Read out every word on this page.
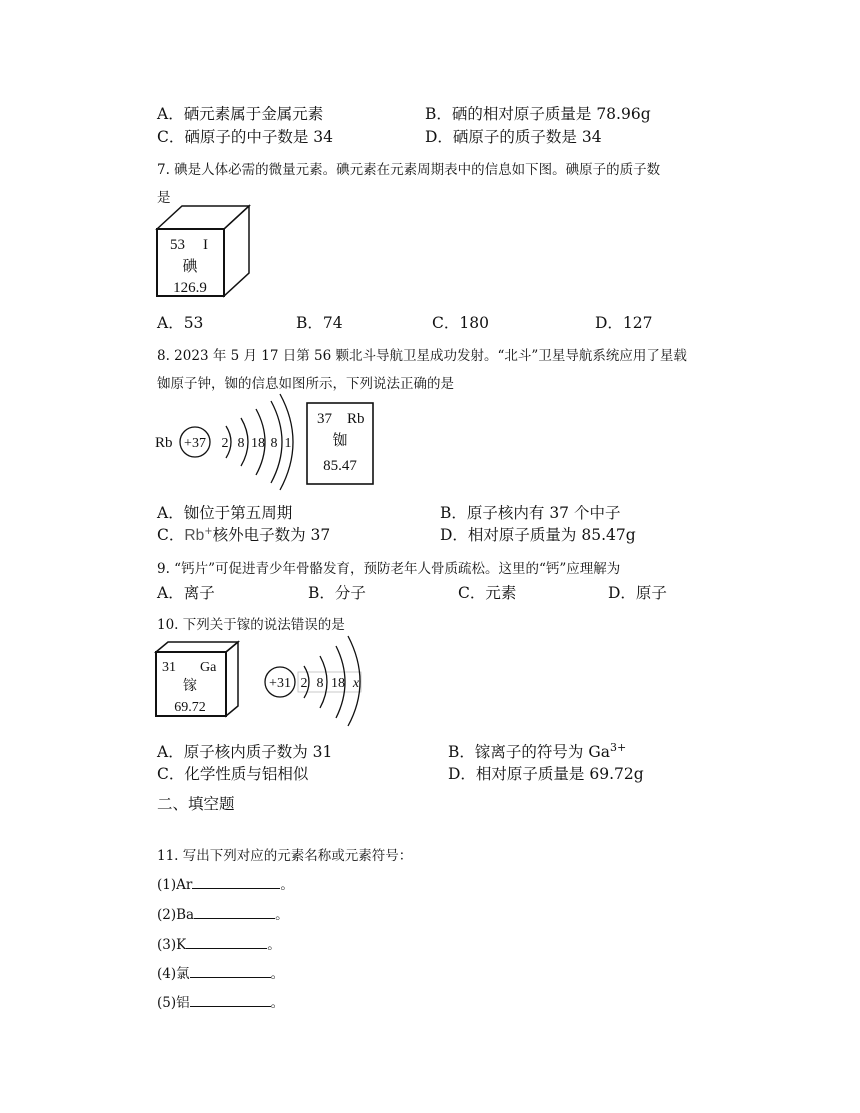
A．硒元素属于金属元素	B．硒的相对原子质量是 78.96g
C．硒原子的中子数是 34	D．硒原子的质子数是 34
7. 碘是人体必需的微量元素。碘元素在元素周期表中的信息如下图。碘原子的质子数
是
53 I
碘
126.9
A．53	B．74	C．180	D．127
8. 2023 年 5 月 17 日第 56 颗北斗导航卫星成功发射。“北斗”卫星导航系统应用了星载
铷原子钟，铷的信息如图所示，下列说法正确的是
Rb +37 2 8 18 8 1
37 Rb
铷
85.47
A．铷位于第五周期	B．原子核内有 37 个中子
C．Rb+核外电子数为 37	D．相对原子质量为 85.47g
9. “钙片”可促进青少年骨骼发育，预防老年人骨质疏松。这里的“钙”应理解为
A．离子	B．分子	C．元素	D．原子
10. 下列关于镓的说法错误的是
31 Ga
镓
69.72
+31 2 8 18 x
A．原子核内质子数为 31	B．镓离子的符号为 $Ga^{3+}$
C．化学性质与铝相似	D．相对原子质量是 69.72g
二、填空题
11. 写出下列对应的元素名称或元素符号：
(1)Ar	。
(2)Ba	。
(3)K	。
(4)氯	。
(5)铝	。
